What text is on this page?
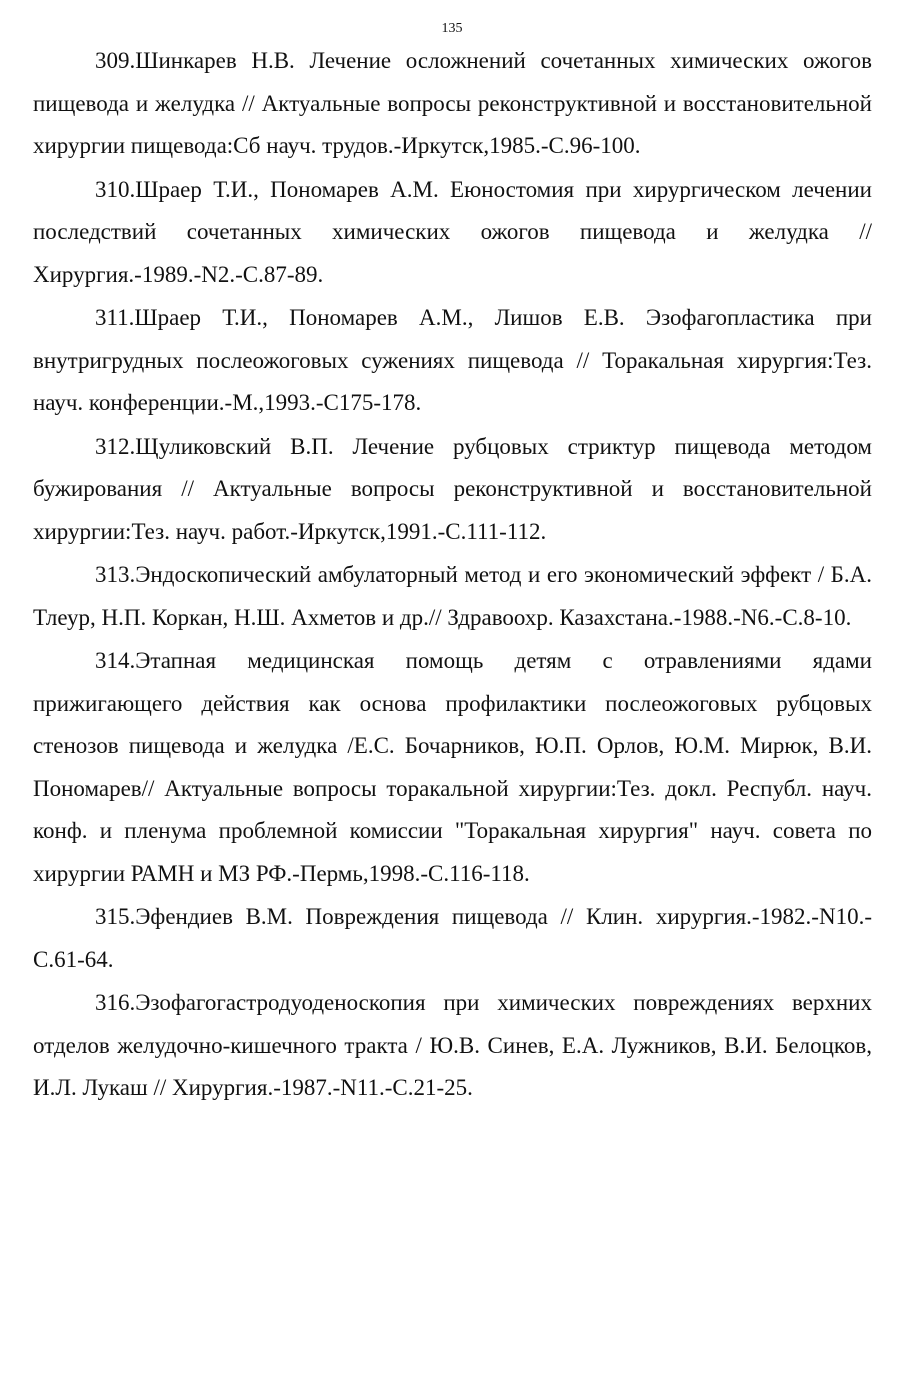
135

309.Шинкарев Н.В. Лечение осложнений сочетанных химических ожогов пищевода и желудка // Актуальные вопросы реконструктивной и восстановительной хирургии пищевода:Сб науч. трудов.-Иркутск,1985.-С.96-100.

310.Шраер Т.И., Пономарев А.М. Еюностомия при хирургическом лечении последствий сочетанных химических ожогов пищевода и желудка // Хирургия.-1989.-N2.-С.87-89.

311.Шраер Т.И., Пономарев А.М., Лишов Е.В. Эзофагопластика при внутригрудных послеожоговых сужениях пищевода // Торакальная хирургия:Тез. науч. конференции.-М.,1993.-С175-178.

312.Щуликовский В.П. Лечение рубцовых стриктур пищевода методом бужирования // Актуальные вопросы реконструктивной и восстановительной хирургии:Тез. науч. работ.-Иркутск,1991.-С.111-112.

313.Эндоскопический амбулаторный метод и его экономический эффект / Б.А. Тлеур, Н.П. Коркан, Н.Ш. Ахметов и др.// Здравоохр. Казахстана.-1988.-N6.-С.8-10.

314.Этапная медицинская помощь детям с отравлениями ядами прижигающего действия как основа профилактики послеожоговых рубцовых стенозов пищевода и желудка /Е.С. Бочарников, Ю.П. Орлов, Ю.М. Мирюк, В.И. Пономарев// Актуальные вопросы торакальной хирургии:Тез. докл. Республ. науч. конф. и пленума проблемной комиссии "Торакальная хирургия" науч. совета по хирургии РАМН и МЗ РФ.-Пермь,1998.-С.116-118.

315.Эфендиев В.М. Повреждения пищевода // Клин. хирургия.-1982.-N10.-С.61-64.

316.Эзофагогастродуоденоскопия при химических повреждениях верхних отделов желудочно-кишечного тракта / Ю.В. Синев, Е.А. Лужников, В.И. Белоцков, И.Л. Лукаш // Хирургия.-1987.-N11.-С.21-25.
